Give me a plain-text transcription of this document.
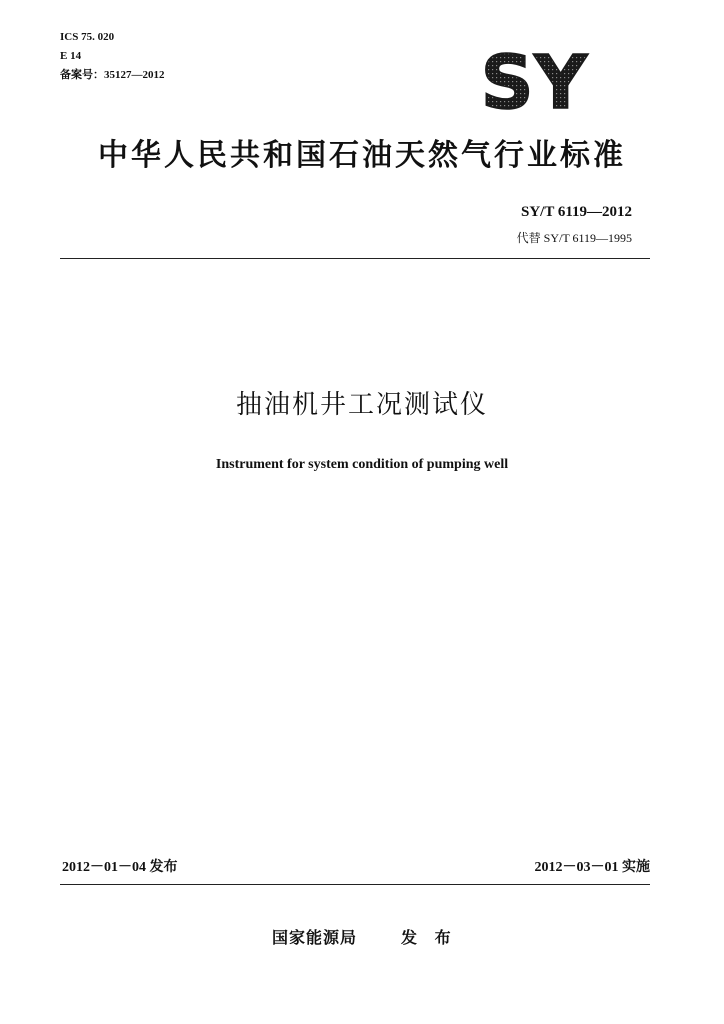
ICS 75. 020
E 14
备案号：35127—2012	SY
中华人民共和国石油天然气行业标准
SY/T 6119—2012
代替 SY/T 6119—1995
抽油机井工况测试仪
Instrument for system condition of pumping well
2012－01－04 发布	2012－03－01 实施
国家能源局	发 布
